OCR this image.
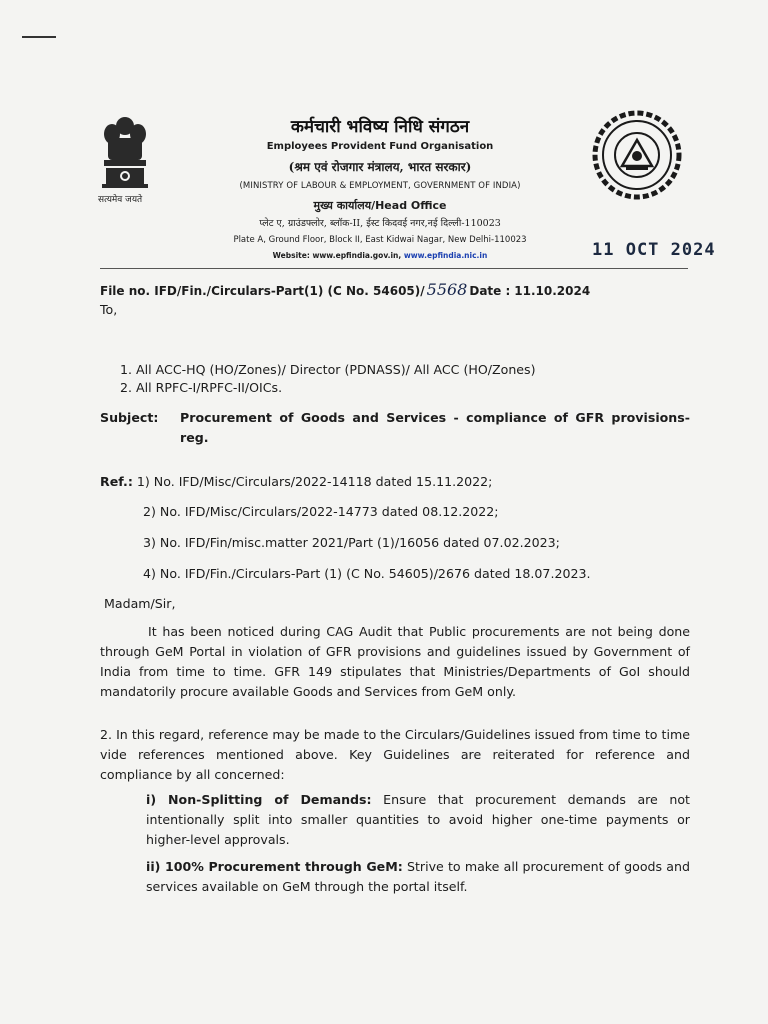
सत्यमेव जयते
कर्मचारी भविष्य निधि संगठन
Employees Provident Fund Organisation
(श्रम एवं रोजगार मंत्रालय, भारत सरकार)
(MINISTRY OF LABOUR & EMPLOYMENT, GOVERNMENT OF INDIA)
मुख्य कार्यालय/Head Office
प्लेट ए, ग्राउंडफ्लोर, ब्लॉक-II, ईस्ट किदवई नगर,नई दिल्ली-110023
Plate A, Ground Floor, Block II, East Kidwai Nagar, New Delhi-110023
Website: www.epfindia.gov.in, www.epfindia.nic.in	11 OCT 2024
File no. IFD/Fin./Circulars-Part(1) (C No. 54605)/ 5568 Date : 11.10.2024
To,
1. All ACC-HQ (HO/Zones)/ Director (PDNASS)/ All ACC (HO/Zones)
2. All RPFC-I/RPFC-II/OICs.
Subject:	Procurement of Goods and Services - compliance of GFR provisions-reg.
Ref.: 1) No. IFD/Misc/Circulars/2022-14118 dated 15.11.2022;
2) No. IFD/Misc/Circulars/2022-14773 dated 08.12.2022;
3) No. IFD/Fin/misc.matter 2021/Part (1)/16056 dated 07.02.2023;
4) No. IFD/Fin./Circulars-Part (1) (C No. 54605)/2676 dated 18.07.2023.
Madam/Sir,
It has been noticed during CAG Audit that Public procurements are not being done through GeM Portal in violation of GFR provisions and guidelines issued by Government of India from time to time. GFR 149 stipulates that Ministries/Departments of GoI should mandatorily procure available Goods and Services from GeM only.
2. In this regard, reference may be made to the Circulars/Guidelines issued from time to time vide references mentioned above. Key Guidelines are reiterated for reference and compliance by all concerned:
i) Non-Splitting of Demands: Ensure that procurement demands are not intentionally split into smaller quantities to avoid higher one-time payments or higher-level approvals.
ii) 100% Procurement through GeM: Strive to make all procurement of goods and services available on GeM through the portal itself.
